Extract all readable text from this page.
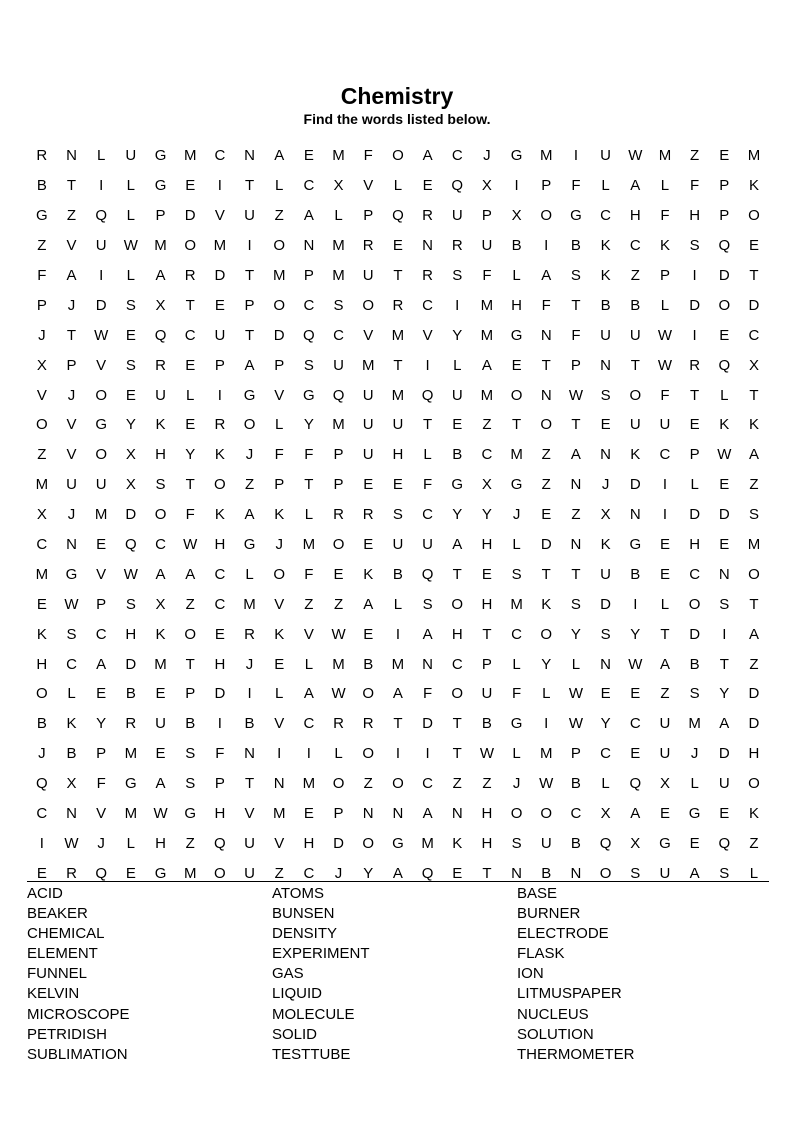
Chemistry
Find the words listed below.
R	N	L	U	G	M	C	N	A	E	M	F	O	A	C	J	G	M	I	U	W	M	Z	E	M
B	T	I	L	G	E	I	T	L	C	X	V	L	E	Q	X	I	P	F	L	A	L	F	P	K
G	Z	Q	L	P	D	V	U	Z	A	L	P	Q	R	U	P	X	O	G	C	H	F	H	P	O
Z	V	U	W	M	O	M	I	O	N	M	R	E	N	R	U	B	I	B	K	C	K	S	Q	E
F	A	I	L	A	R	D	T	M	P	M	U	T	R	S	F	L	A	S	K	Z	P	I	D	T
P	J	D	S	X	T	E	P	O	C	S	O	R	C	I	M	H	F	T	B	B	L	D	O	D
J	T	W	E	Q	C	U	T	D	Q	C	V	M	V	Y	M	G	N	F	U	U	W	I	E	C
X	P	V	S	R	E	P	A	P	S	U	M	T	I	L	A	E	T	P	N	T	W	R	Q	X
V	J	O	E	U	L	I	G	V	G	Q	U	M	Q	U	M	O	N	W	S	O	F	T	L	T
O	V	G	Y	K	E	R	O	L	Y	M	U	U	T	E	Z	T	O	T	E	U	U	E	K	K
Z	V	O	X	H	Y	K	J	F	F	P	U	H	L	B	C	M	Z	A	N	K	C	P	W	A
M	U	U	X	S	T	O	Z	P	T	P	E	E	F	G	X	G	Z	N	J	D	I	L	E	Z
X	J	M	D	O	F	K	A	K	L	R	R	S	C	Y	Y	J	E	Z	X	N	I	D	D	S
C	N	E	Q	C	W	H	G	J	M	O	E	U	U	A	H	L	D	N	K	G	E	H	E	M
M	G	V	W	A	A	C	L	O	F	E	K	B	Q	T	E	S	T	T	U	B	E	C	N	O
E	W	P	S	X	Z	C	M	V	Z	Z	A	L	S	O	H	M	K	S	D	I	L	O	S	T
K	S	C	H	K	O	E	R	K	V	W	E	I	A	H	T	C	O	Y	S	Y	T	D	I	A
H	C	A	D	M	T	H	J	E	L	M	B	M	N	C	P	L	Y	L	N	W	A	B	T	Z
O	L	E	B	E	P	D	I	L	A	W	O	A	F	O	U	F	L	W	E	E	Z	S	Y	D
B	K	Y	R	U	B	I	B	V	C	R	R	T	D	T	B	G	I	W	Y	C	U	M	A	D
J	B	P	M	E	S	F	N	I	I	L	O	I	I	T	W	L	M	P	C	E	U	J	D	H
Q	X	F	G	A	S	P	T	N	M	O	Z	O	C	Z	Z	J	W	B	L	Q	X	L	U	O
C	N	V	M	W	G	H	V	M	E	P	N	N	A	N	H	O	O	C	X	A	E	G	E	K
I	W	J	L	H	Z	Q	U	V	H	D	O	G	M	K	H	S	U	B	Q	X	G	E	Q	Z
E	R	Q	E	G	M	O	U	Z	C	J	Y	A	Q	E	T	N	B	N	O	S	U	A	S	L
ACID	ATOMS	BASE
BEAKER	BUNSEN	BURNER
CHEMICAL	DENSITY	ELECTRODE
ELEMENT	EXPERIMENT	FLASK
FUNNEL	GAS	ION
KELVIN	LIQUID	LITMUSPAPER
MICROSCOPE	MOLECULE	NUCLEUS
PETRIDISH	SOLID	SOLUTION
SUBLIMATION	TESTTUBE	THERMOMETER
